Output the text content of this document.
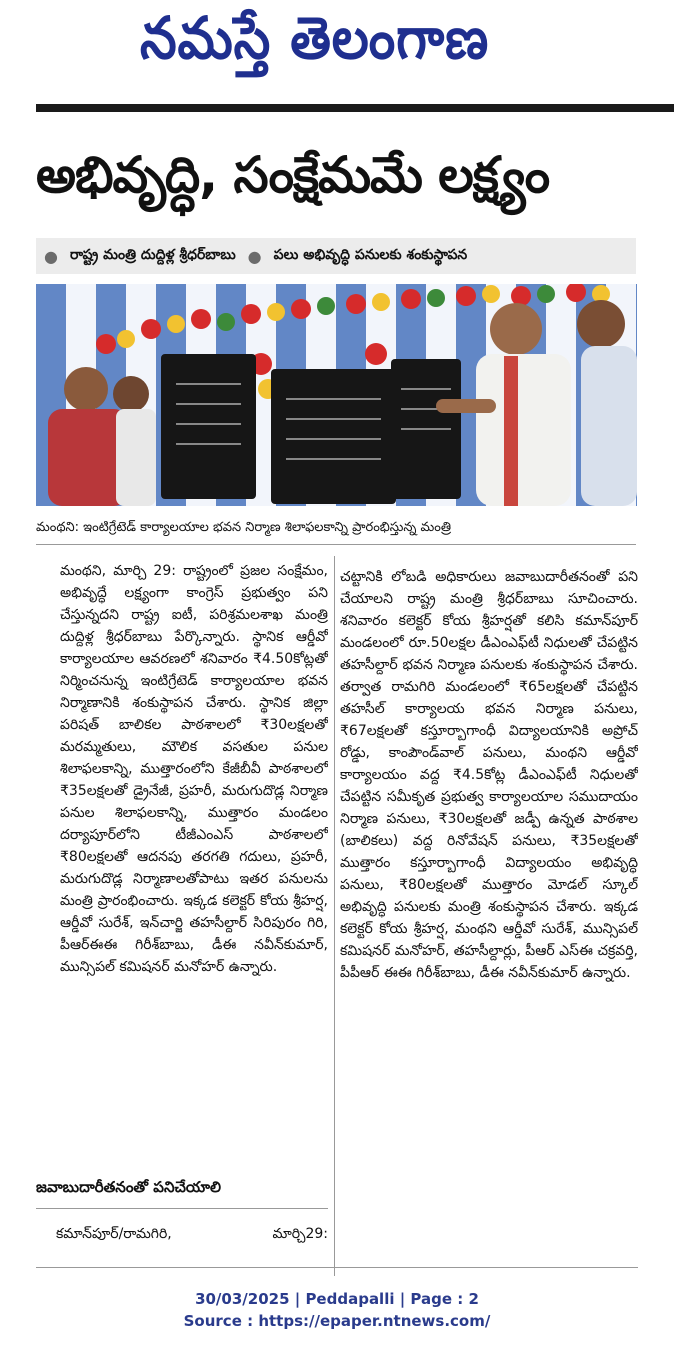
నమస్తే తెలంగాణ
అభివృద్ధి, సంక్షేమమే లక్ష్యం
● రాష్ట్ర మంత్రి దుద్దిళ్ల శ్రీధర్‌బాబు ● పలు అభివృద్ధి పనులకు శంకుస్థాపన
మంథని: ఇంటిగ్రేటెడ్ కార్యాలయాల భవన నిర్మాణ శిలాఫలకాన్ని ప్రారంభిస్తున్న మంత్రి
మంథని, మార్చి 29: రాష్ట్రంలో ప్రజల సంక్షేమం, అభివృద్ధే లక్ష్యంగా కాంగ్రెస్ ప్రభుత్వం పని చేస్తున్నదని రాష్ట్ర ఐటీ, పరిశ్రమలశాఖ మంత్రి దుద్దిళ్ల శ్రీధర్‌బాబు పేర్కొన్నారు. స్థానిక ఆర్డీవో కార్యాలయాల ఆవరణలో శనివారం ₹4.50కోట్లతో నిర్మించనున్న ఇంటిగ్రేటెడ్ కార్యాలయాల భవన నిర్మాణానికి శంకుస్థాపన చేశారు. స్థానిక జిల్లా పరిషత్ బాలికల పాఠశాలలో ₹30లక్షలతో మరమ్మతులు, మౌలిక వసతుల పనుల శిలాఫలకాన్ని, ముత్తారంలోని కేజీబీవీ పాఠశాలలో ₹35లక్షలతో డ్రైనేజీ, ప్రహరీ, మరుగుదొడ్ల నిర్మాణ పనుల శిలాఫలకాన్ని, ముత్తారం మండలం దర్యాపూర్‌లోని టీజీఎంఎస్ పాఠశాలలో ₹80లక్షలతో ఆదనపు తరగతి గదులు, ప్రహరీ, మరుగుదొడ్ల నిర్మాణాలతోపాటు ఇతర పనులను మంత్రి ప్రారంభించారు. ఇక్కడ కలెక్టర్ కోయ శ్రీహర్ష, ఆర్డీవో సురేశ్, ఇన్‌చార్జి తహసీల్దార్ సిరిపురం గిరి, పీఆర్‌ఈఈ గిరీశ్‌బాబు, డీఈ నవీన్‌కుమార్, మున్సిపల్ కమిషనర్ మనోహర్ ఉన్నారు.
చట్టానికి లోబడి అధికారులు జవాబుదారీతనంతో పని చేయాలని రాష్ట్ర మంత్రి శ్రీధర్‌బాబు సూచించారు. శనివారం కలెక్టర్ కోయ శ్రీహర్షతో కలిసి కమాన్‌పూర్ మండలంలో రూ.50లక్షల డీఎంఎఫ్‌టీ నిధులతో చేపట్టిన తహసీల్దార్ భవన నిర్మాణ పనులకు శంకుస్థాపన చేశారు. తర్వాత రామగిరి మండలంలో ₹65లక్షలతో చేపట్టిన తహసీల్ కార్యాలయ భవన నిర్మాణ పనులు, ₹67లక్షలతో కస్తూర్బాగాంధీ విద్యాలయానికి అప్రోచ్ రోడ్డు, కాంపౌండ్‌వాల్ పనులు, మంథని ఆర్డీవో కార్యాలయం వద్ద ₹4.5కోట్ల డీఎంఎఫ్‌టీ నిధులతో చేపట్టిన సమీకృత ప్రభుత్వ కార్యాలయాల సముదాయం నిర్మాణ పనులు, ₹30లక్షలతో జడ్పీ ఉన్నత పాఠశాల (బాలికలు) వద్ద రినోవేషన్ పనులు, ₹35లక్షలతో ముత్తారం కస్తూర్బాగాంధీ విద్యాలయం అభివృద్ధి పనులు, ₹80లక్షలతో ముత్తారం మోడల్ స్కూల్ అభివృద్ధి పనులకు మంత్రి శంకుస్థాపన చేశారు. ఇక్కడ కలెక్టర్ కోయ శ్రీహర్ష, మంథని ఆర్డీవో సురేశ్, మున్సిపల్ కమిషనర్ మనోహర్, తహసీల్దార్లు, పీఆర్ ఎస్‌ఈ చక్రవర్తి, పీపీఆర్ ఈఈ గిరీశ్‌బాబు, డీఈ నవీన్‌కుమార్ ఉన్నారు.
జవాబుదారీతనంతో పనిచేయాలి
కమాన్‌పూర్/రామగిరి,	మార్చి29:
30/03/2025 | Peddapalli | Page : 2
Source : https://epaper.ntnews.com/
